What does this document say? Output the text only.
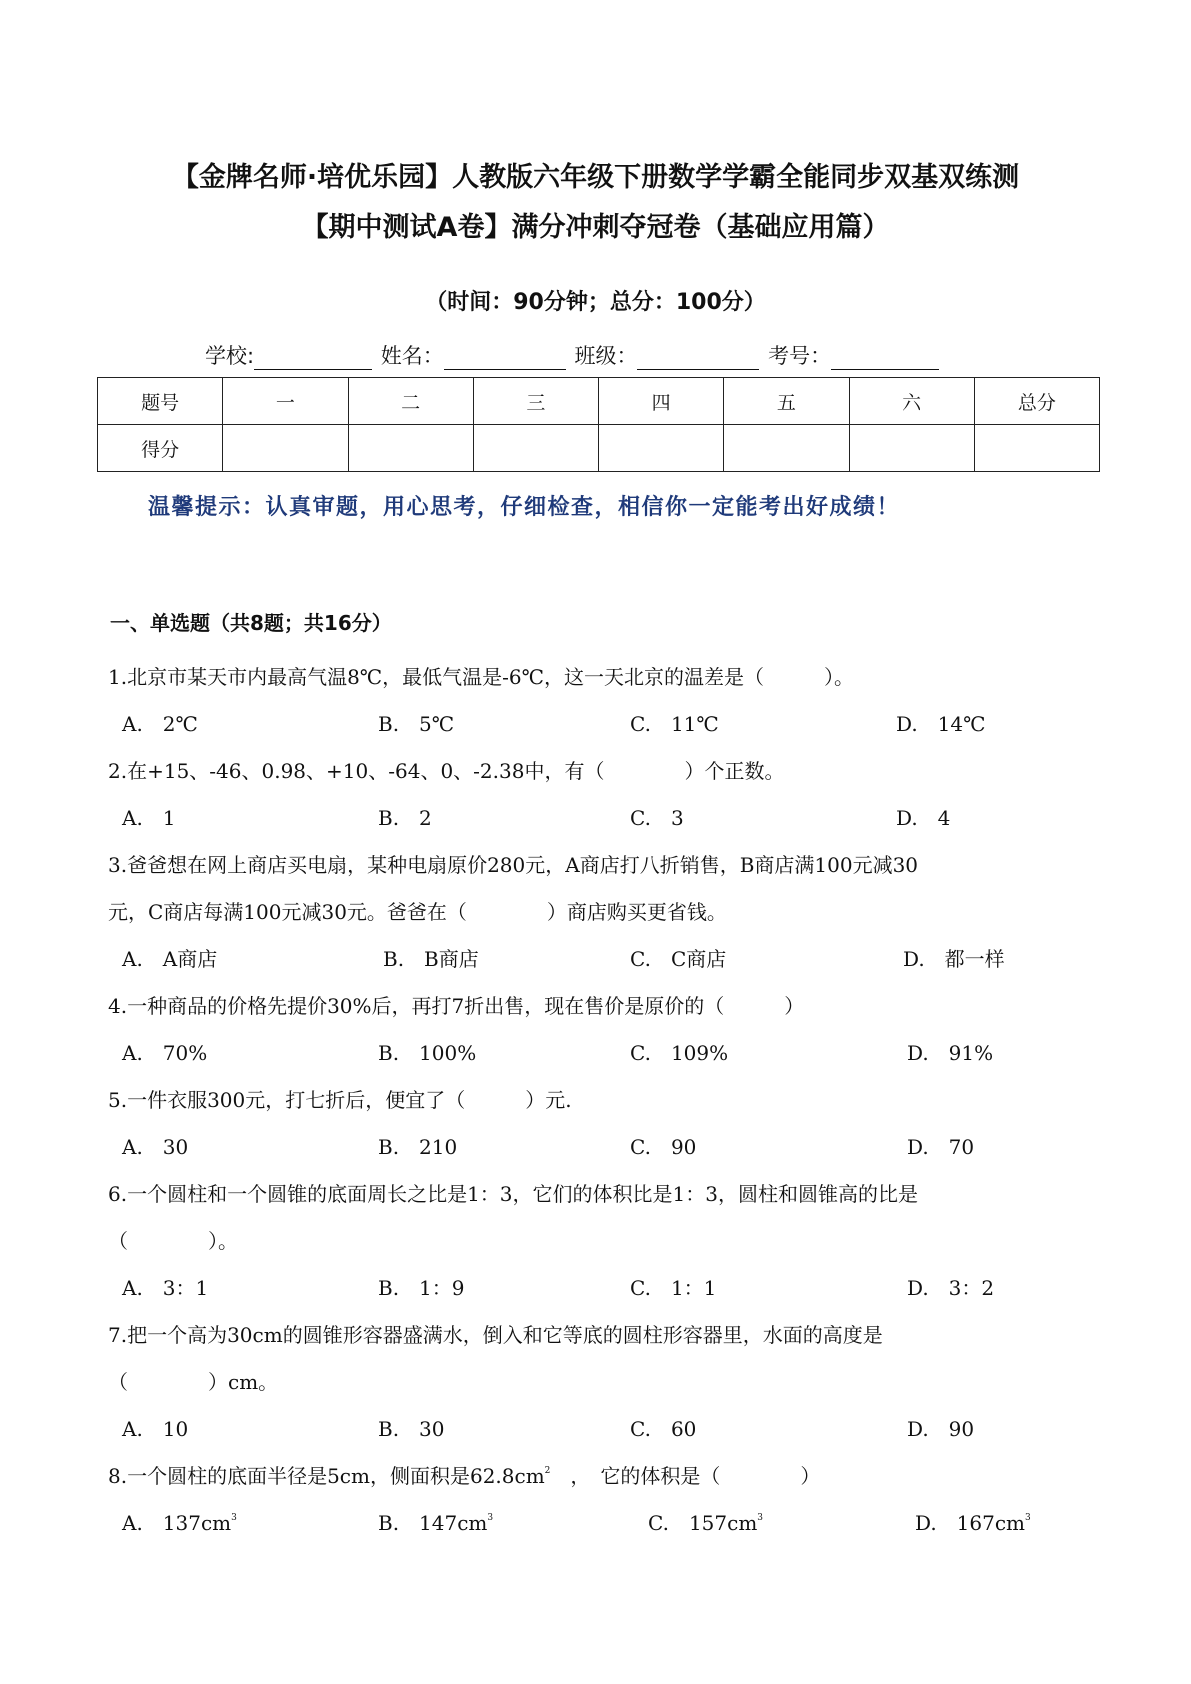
【金牌名师·培优乐园】人教版六年级下册数学学霸全能同步双基双练测
【期中测试A卷】满分冲刺夺冠卷（基础应用篇）
（时间：90分钟；总分：100分）
学校:	姓名：	班级：	考号：
题号	一	二	三	四	五	六	总分
得分							
温馨提示：认真审题，用心思考，仔细检查，相信你一定能考出好成绩！
一、单选题（共8题；共16分）
1.北京市某天市内最高气温8℃，最低气温是-6℃，这一天北京的温差是（　　　）。
A.　2℃	B.　5℃	C.　11℃	D.　14℃
2.在+15、-46、0.98、+10、-64、0、-2.38中，有（　　　　）个正数。
A.　1	B.　2	C.　3	D.　4
3.爸爸想在网上商店买电扇，某种电扇原价280元，A商店打八折销售，B商店满100元减30
元，C商店每满100元减30元。爸爸在（　　　　）商店购买更省钱。
A.　A商店	B.　B商店	C.　C商店	D.　都一样
4.一种商品的价格先提价30%后，再打7折出售，现在售价是原价的（　　　）
A.　70%	B.　100%	C.　109%	D.　91%
5.一件衣服300元，打七折后，便宜了（　　　）元.
A.　30	B.　210	C.　90	D.　70
6.一个圆柱和一个圆锥的底面周长之比是1：3，它们的体积比是1：3，圆柱和圆锥高的比是
（　　　　）。
A.　3：1	B.　1：9	C.　1：1	D.　3：2
7.把一个高为30cm的圆锥形容器盛满水，倒入和它等底的圆柱形容器里，水面的高度是
（　　　　）cm。
A.　10	B.　30	C.　60	D.　90
8.一个圆柱的底面半径是5cm，侧面积是$62.8cm^2$　，　它的体积是（　　　　）
A.　$137cm^3$	B.　$147cm^3$	C.　$157cm^3$	D.　$167cm^3$
